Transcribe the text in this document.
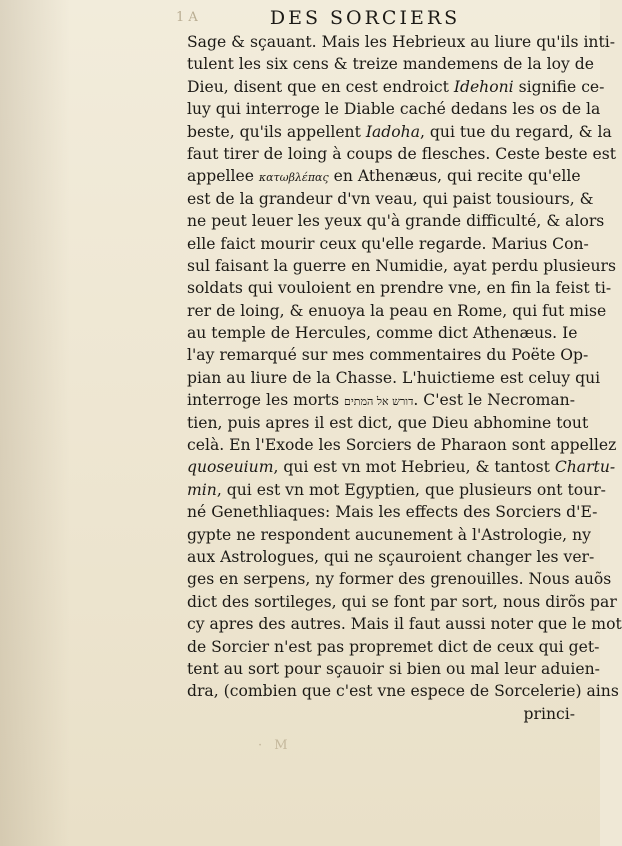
1 A	DES SORCIERS
Sage & sçauant. Mais les Hebrieux au liure qu'ils inti-
tulent les six cens & treize mandemens de la loy de
Dieu, disent que en cest endroict Idehoni signifie ce-
luy qui interroge le Diable caché dedans les os de la
beste, qu'ils appellent Iadoha, qui tue du regard, & la
faut tirer de loing à coups de flesches. Ceste beste est
appellee κατωβλέπας en Athenæus, qui recite qu'elle
est de la grandeur d'vn veau, qui paist tousiours, &
ne peut leuer les yeux qu'à grande difficulté, & alors
elle faict mourir ceux qu'elle regarde. Marius Con-
sul faisant la guerre en Numidie, ayat perdu plusieurs
soldats qui vouloient en prendre vne, en fin la feist ti-
rer de loing, & enuoya la peau en Rome, qui fut mise
au temple de Hercules, comme dict Athenæus. Ie
l'ay remarqué sur mes commentaires du Poëte Op-
pian au liure de la Chasse. L'huictieme est celuy qui
interroge les morts דורש אל המתים. C'est le Necroman-
tien, puis apres il est dict, que Dieu abhomine tout
celà. En l'Exode les Sorciers de Pharaon sont appellez
quoseuium, qui est vn mot Hebrieu, & tantost Chartu-
min, qui est vn mot Egyptien, que plusieurs ont tour-
né Genethliaques: Mais les effects des Sorciers d'E-
gypte ne respondent aucunement à l'Astrologie, ny
aux Astrologues, qui ne sçauroient changer les ver-
ges en serpens, ny former des grenouilles. Nous auõs
dict des sortileges, qui se font par sort, nous dirõs par
cy apres des autres. Mais il faut aussi noter que le mot
de Sorcier n'est pas propremet dict de ceux qui get-
tent au sort pour sçauoir si bien ou mal leur aduien-
dra, (combien que c'est vne espece de Sorcelerie) ains
princi-
· M
